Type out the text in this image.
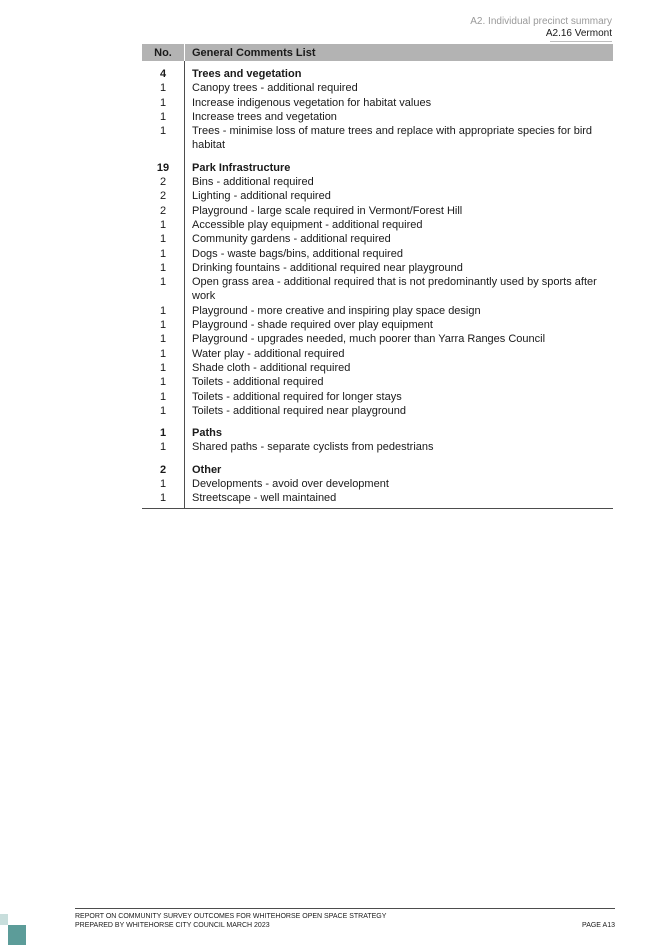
A2. Individual precinct summary
A2.16 Vermont
No.	General Comments List
4	Trees and vegetation
1	Canopy trees - additional required
1	Increase indigenous vegetation for habitat values
1	Increase trees and vegetation
1	Trees - minimise loss of mature trees and replace with appropriate species for bird habitat
19	Park Infrastructure
2	Bins - additional required
2	Lighting - additional required
2	Playground - large scale required in Vermont/Forest Hill
1	Accessible play equipment - additional required
1	Community gardens - additional required
1	Dogs - waste bags/bins, additional required
1	Drinking fountains - additional required near playground
1	Open grass area - additional required that is not predominantly used by sports after work
1	Playground - more creative and inspiring play space design
1	Playground - shade required over play equipment
1	Playground - upgrades needed, much poorer than Yarra Ranges Council
1	Water play - additional required
1	Shade cloth - additional required
1	Toilets - additional required
1	Toilets - additional required for longer stays
1	Toilets - additional required near playground
1	Paths
1	Shared paths - separate cyclists from pedestrians
2	Other
1	Developments - avoid over development
1	Streetscape - well maintained
REPORT ON COMMUNITY SURVEY OUTCOMES FOR WHITEHORSE OPEN SPACE STRATEGY
PREPARED BY WHITEHORSE CITY COUNCIL MARCH 2023	PAGE A13
